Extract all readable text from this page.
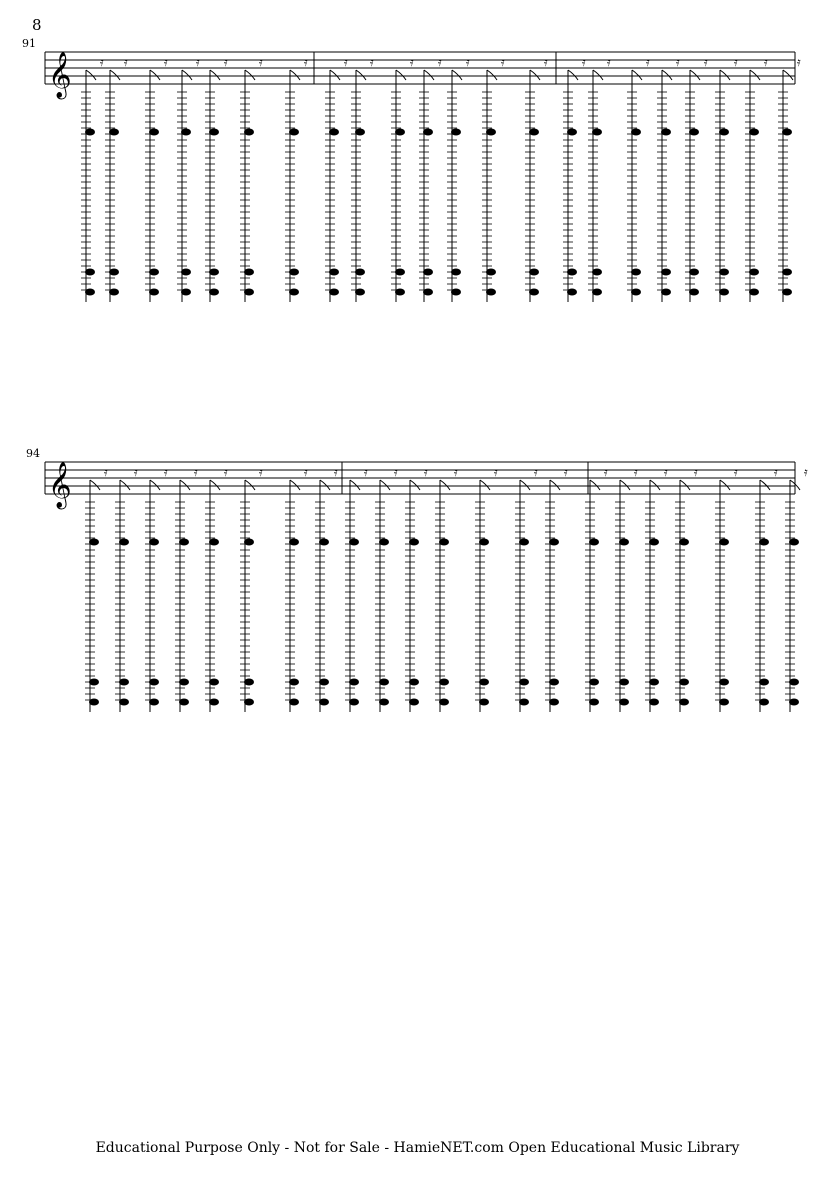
8
91
94
𝄞
𝄞
𝄿 𝄿	𝄿 𝄿 𝄿	𝄿	𝄿	𝄿 𝄿	𝄿 𝄿 𝄿	𝄿	𝄿	𝄿 𝄿	𝄿 𝄿 𝄿 𝄿 𝄿 𝄿
𝄿 𝄿 𝄿 𝄿 𝄿	𝄿	𝄿 𝄿 𝄿 𝄿 𝄿 𝄿	𝄿	𝄿 𝄿	𝄿 𝄿 𝄿 𝄿	𝄿	𝄿 𝄿
Educational Purpose Only - Not for Sale - HamieNET.com Open Educational Music Library
